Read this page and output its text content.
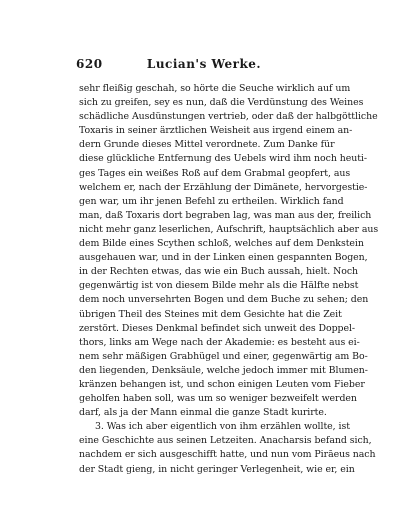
620	Lucian's Werke.
sehr fleißig geschah, so hörte die Seuche wirklich auf um
sich zu greifen, sey es nun, daß die Verdünstung des Weines
schädliche Ausdünstungen vertrieb, oder daß der halbgöttliche
Toxaris in seiner ärztlichen Weisheit aus irgend einem an-
dern Grunde dieses Mittel verordnete. Zum Danke für
diese glückliche Entfernung des Uebels wird ihm noch heuti-
ges Tages ein weißes Roß auf dem Grabmal geopfert, aus
welchem er, nach der Erzählung der Dimänete, hervorgestie-
gen war, um ihr jenen Befehl zu ertheilen. Wirklich fand
man, daß Toxaris dort begraben lag, was man aus der, freilich
nicht mehr ganz leserlichen, Aufschrift, hauptsächlich aber aus
dem Bilde eines Scythen schloß, welches auf dem Denkstein
ausgehauen war, und in der Linken einen gespannten Bogen,
in der Rechten etwas, das wie ein Buch aussah, hielt. Noch
gegenwärtig ist von diesem Bilde mehr als die Hälfte nebst
dem noch unversehrten Bogen und dem Buche zu sehen; den
übrigen Theil des Steines mit dem Gesichte hat die Zeit
zerstört. Dieses Denkmal befindet sich unweit des Doppel-
thors, links am Wege nach der Akademie: es besteht aus ei-
nem sehr mäßigen Grabhügel und einer, gegenwärtig am Bo-
den liegenden, Denksäule, welche jedoch immer mit Blumen-
kränzen behangen ist, und schon einigen Leuten vom Fieber
geholfen haben soll, was um so weniger bezweifelt werden
darf, als ja der Mann einmal die ganze Stadt kurirte.
3. Was ich aber eigentlich von ihm erzählen wollte, ist
eine Geschichte aus seinen Letzeiten. Anacharsis befand sich,
nachdem er sich ausgeschifft hatte, und nun vom Pirāeus nach
der Stadt gieng, in nicht geringer Verlegenheit, wie er, ein
